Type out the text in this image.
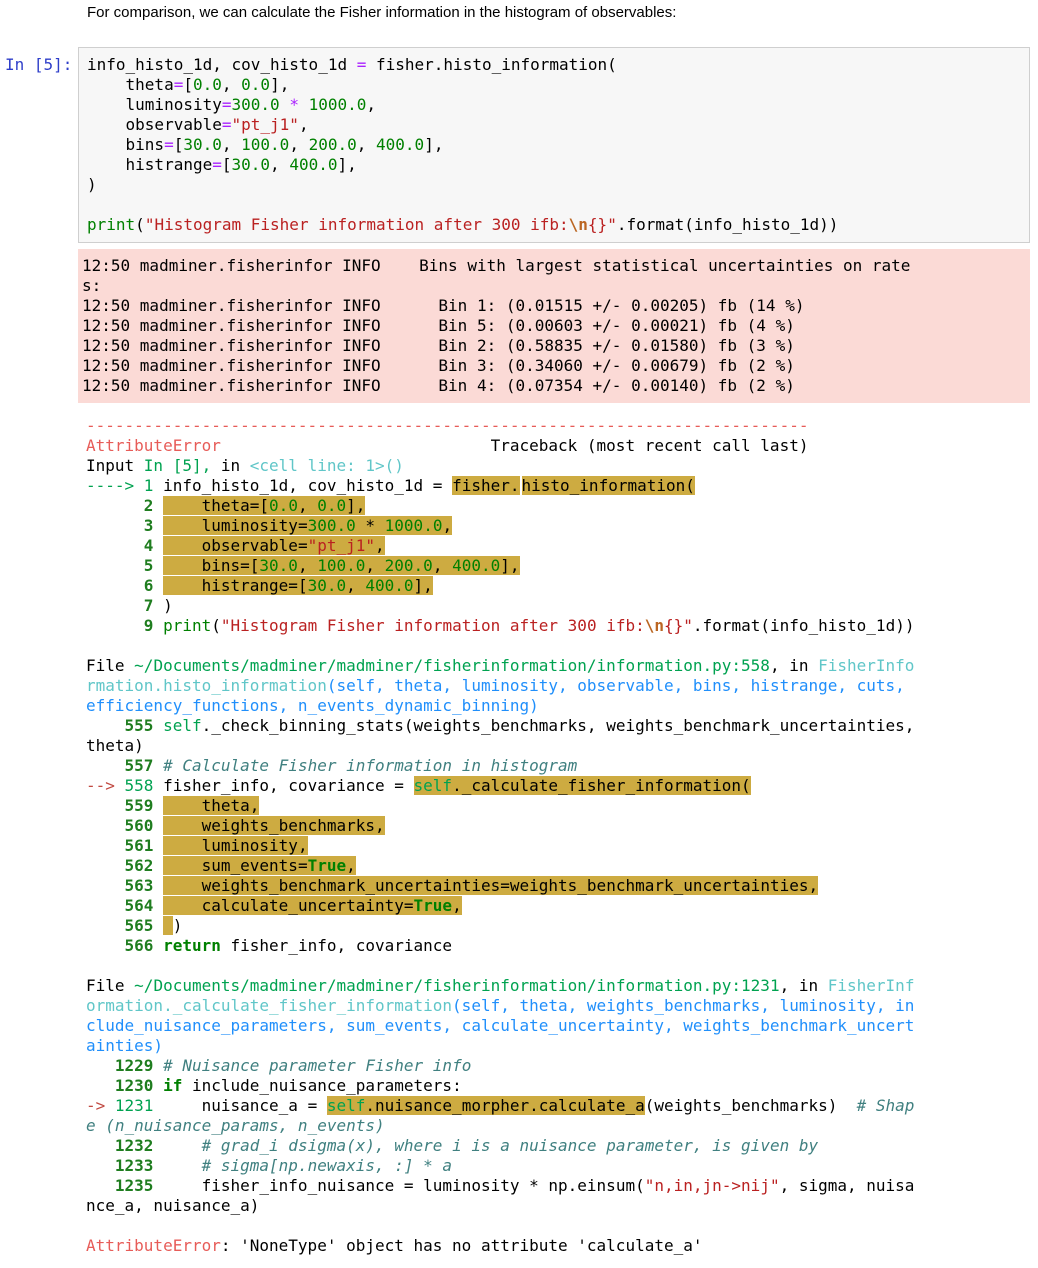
For comparison, we can calculate the Fisher information in the histogram of observables:

In [5]: info_histo_1d, cov_histo_1d = fisher.histo_information(
theta=[0.0, 0.0],
luminosity=300.0 * 1000.0,
observable="pt_j1",
bins=[30.0, 100.0, 200.0, 400.0],
histrange=[30.0, 400.0],
)

print("Histogram Fisher information after 300 ifb:\n{}".format(info_histo_1d))
12:50 madminer.fisherinfor INFO    Bins with largest statistical uncertainties on rate
s:
12:50 madminer.fisherinfor INFO      Bin 1: (0.01515 +/- 0.00205) fb (14 %)
12:50 madminer.fisherinfor INFO      Bin 5: (0.00603 +/- 0.00021) fb (4 %)
12:50 madminer.fisherinfor INFO      Bin 2: (0.58835 +/- 0.01580) fb (3 %)
12:50 madminer.fisherinfor INFO      Bin 3: (0.34060 +/- 0.00679) fb (2 %)
12:50 madminer.fisherinfor INFO      Bin 4: (0.07354 +/- 0.00140) fb (2 %)
---------------------------------------------------------------------------
AttributeError                            Traceback (most recent call last)
Input In [5], in <cell line: 1>()
----> 1 info_histo_1d, cov_histo_1d = fisher. histo_information(
2     theta=[0.0, 0.0],
3     luminosity=300.0 * 1000.0,
4     observable="pt_j1",
5     bins=[30.0, 100.0, 200.0, 400.0],
6     histrange=[30.0, 400.0],
7 )
9 print("Histogram Fisher information after 300 ifb:\n{}".format(info_histo_1d))

File ~/Documents/madminer/madminer/fisherinformation/information.py:558, in FisherInfo
rmation.histo_information(self, theta, luminosity, observable, bins, histrange, cuts,
efficiency_functions, n_events_dynamic_binning)
555 self._check_binning_stats(weights_benchmarks, weights_benchmark_uncertainties,
theta)
557 # Calculate Fisher information in histogram
--> 558 fisher_info, covariance = self._calculate_fisher_information(
559     theta,
560     weights_benchmarks,
561     luminosity,
562     sum_events=True,
563     weights_benchmark_uncertainties=weights_benchmark_uncertainties,
564     calculate_uncertainty=True,
565 )
566 return fisher_info, covariance

File ~/Documents/madminer/madminer/fisherinformation/information.py:1231, in FisherInf
ormation._calculate_fisher_information(self, theta, weights_benchmarks, luminosity, in
clude_nuisance_parameters, sum_events, calculate_uncertainty, weights_benchmark_uncert
ainties)
1229 # Nuisance parameter Fisher info
1230 if include_nuisance_parameters:
-> 1231     nuisance_a = self.nuisance_morpher.calculate_a(weights_benchmarks)  # Shap
e (n_nuisance_params, n_events)
1232     # grad_i dsigma(x), where i is a nuisance parameter, is given by
1233     # sigma[np.newaxis, :] * a
1235     fisher_info_nuisance = luminosity * np.einsum("n,in,jn->nij", sigma, nuisa
nce_a, nuisance_a)

AttributeError: 'NoneType' object has no attribute 'calculate_a'
